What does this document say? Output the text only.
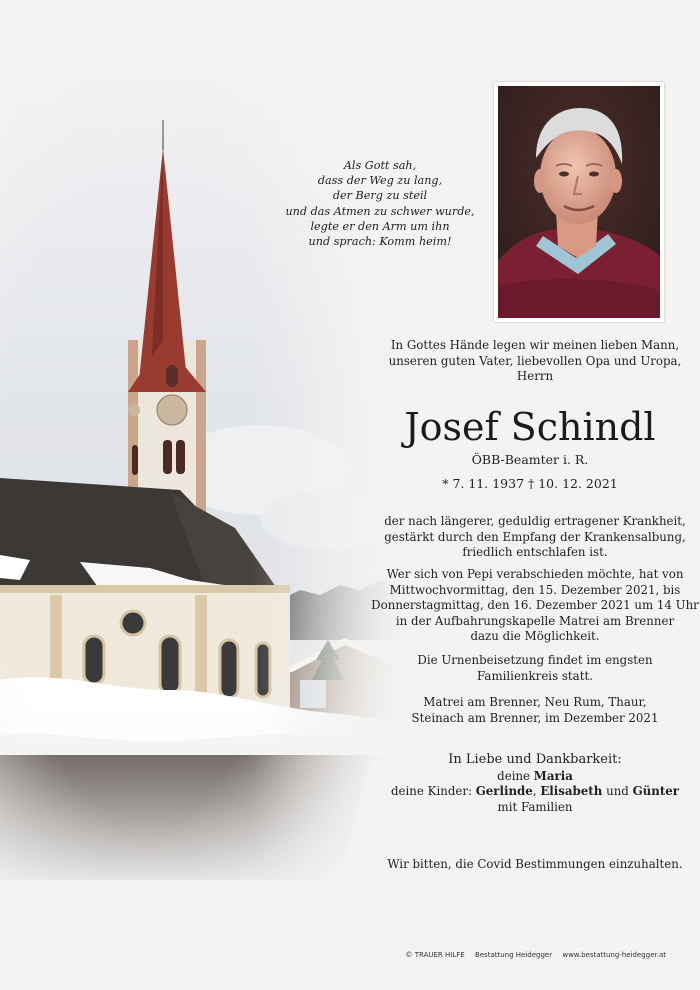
Als Gott sah,
dass der Weg zu lang,
der Berg zu steil
und das Atmen zu schwer wurde,
legte er den Arm um ihn
und sprach: Komm heim!
In Gottes Hände legen wir meinen lieben Mann,
unseren guten Vater, liebevollen Opa und Uropa,
Herrn
Josef Schindl
ÖBB-Beamter i. R.
* 7. 11. 1937 † 10. 12. 2021
der nach längerer, geduldig ertragener Krankheit,
gestärkt durch den Empfang der Krankensalbung,
friedlich entschlafen ist.
Wer sich von Pepi verabschieden möchte, hat von
Mittwochvormittag, den 15. Dezember 2021, bis
Donnerstagmittag, den 16. Dezember 2021 um 14 Uhr
in der Aufbahrungskapelle Matrei am Brenner
dazu die Möglichkeit.
Die Urnenbeisetzung findet im engsten
Familienkreis statt.
Matrei am Brenner, Neu Rum, Thaur,
Steinach am Brenner, im Dezember 2021
In Liebe und Dankbarkeit:
deine Maria
deine Kinder: Gerlinde, Elisabeth und Günter
mit Familien
Wir bitten, die Covid Bestimmungen einzuhalten.
© TRAUER HILFE Bestattung Heidegger www.bestattung-heidegger.at
